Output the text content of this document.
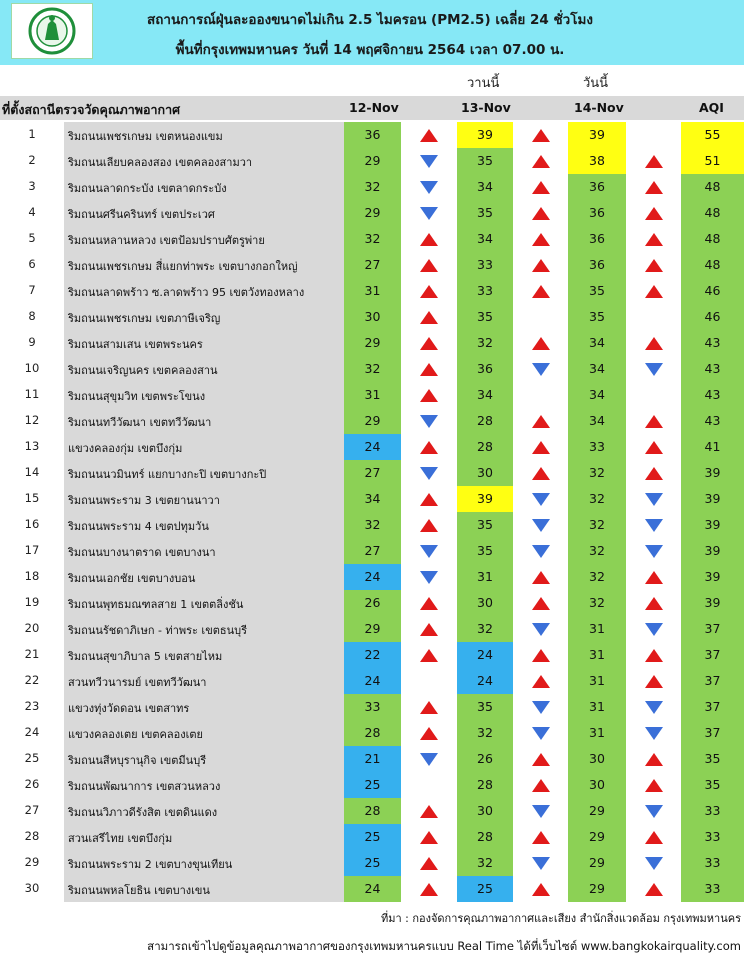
สถานการณ์ฝุ่นละอองขนาดไม่เกิน 2.5 ไมครอน (PM2.5) เฉลี่ย 24 ชั่วโมง
พื้นที่กรุงเทพมหานคร วันที่ 14 พฤศจิกายน 2564 เวลา 07.00 น.
วานนี้	วันนี้
ที่ตั้งสถานีตรวจวัดคุณภาพอากาศ	12-Nov	13-Nov	14-Nov	AQI
1	ริมถนนเพชรเกษม เขตหนองแขม	36	39	39	55
2	ริมถนนเลียบคลองสอง เขตคลองสามวา	29	35	38	51
3	ริมถนนลาดกระบัง เขตลาดกระบัง	32	34	36	48
4	ริมถนนศรีนครินทร์ เขตประเวศ	29	35	36	48
5	ริมถนนหลานหลวง เขตป้อมปราบศัตรูพ่าย	32	34	36	48
6	ริมถนนเพชรเกษม สี่แยกท่าพระ เขตบางกอกใหญ่	27	33	36	48
7	ริมถนนลาดพร้าว ซ.ลาดพร้าว 95 เขตวังทองหลาง	31	33	35	46
8	ริมถนนเพชรเกษม เขตภาษีเจริญ	30	35	35	46
9	ริมถนนสามเสน เขตพระนคร	29	32	34	43
10	ริมถนนเจริญนคร เขตคลองสาน	32	36	34	43
11	ริมถนนสุขุมวิท เขตพระโขนง	31	34	34	43
12	ริมถนนทวีวัฒนา เขตทวีวัฒนา	29	28	34	43
13	แขวงคลองกุ่ม เขตบึงกุ่ม	24	28	33	41
14	ริมถนนนวมินทร์ แยกบางกะปิ เขตบางกะปิ	27	30	32	39
15	ริมถนนพระราม 3 เขตยานนาวา	34	39	32	39
16	ริมถนนพระราม 4 เขตปทุมวัน	32	35	32	39
17	ริมถนนบางนาตราด เขตบางนา	27	35	32	39
18	ริมถนนเอกชัย เขตบางบอน	24	31	32	39
19	ริมถนนพุทธมณฑลสาย 1 เขตตลิ่งชัน	26	30	32	39
20	ริมถนนรัชดาภิเษก - ท่าพระ เขตธนบุรี	29	32	31	37
21	ริมถนนสุขาภิบาล 5 เขตสายไหม	22	24	31	37
22	สวนทวีวนารมย์ เขตทวีวัฒนา	24	24	31	37
23	แขวงทุ่งวัดดอน เขตสาทร	33	35	31	37
24	แขวงคลองเตย เขตคลองเตย	28	32	31	37
25	ริมถนนสีหบุรานุกิจ เขตมีนบุรี	21	26	30	35
26	ริมถนนพัฒนาการ เขตสวนหลวง	25	28	30	35
27	ริมถนนวิภาวดีรังสิต เขตดินแดง	28	30	29	33
28	สวนเสรีไทย เขตบึงกุ่ม	25	28	29	33
29	ริมถนนพระราม 2 เขตบางขุนเทียน	25	32	29	33
30	ริมถนนพหลโยธิน เขตบางเขน	24	25	29	33
ที่มา : กองจัดการคุณภาพอากาศและเสียง สำนักสิ่งแวดล้อม กรุงเทพมหานคร
สามารถเข้าไปดูข้อมูลคุณภาพอากาศของกรุงเทพมหานครแบบ Real Time ได้ที่เว็บไซต์ www.bangkokairquality.com
